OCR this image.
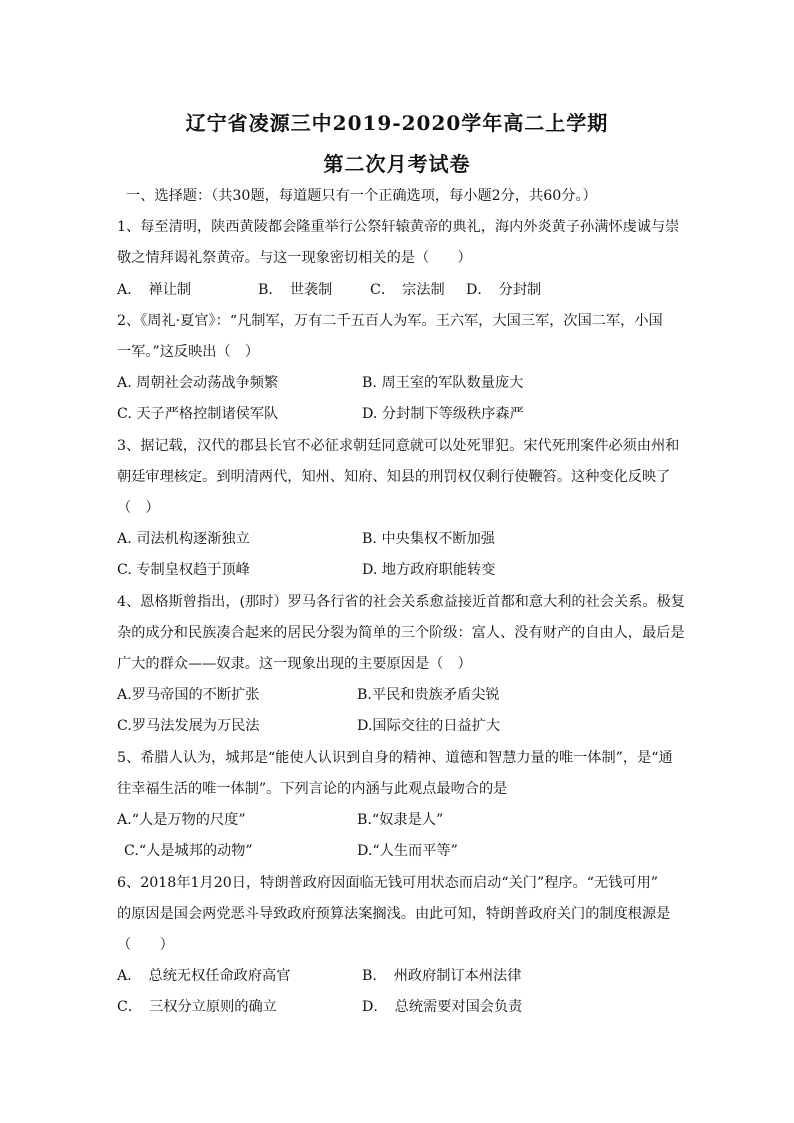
辽宁省凌源三中2019-2020学年高二上学期
第二次月考试卷
一、选择题：（共30题，每道题只有一个正确选项，每小题2分，共60分。）
1、每至清明，陕西黄陵都会隆重举行公祭轩辕黄帝的典礼，海内外炎黄子孙满怀虔诚与崇
敬之情拜谒礼祭黄帝。与这一现象密切相关的是（　　）
A．　禅让制	B．　世袭制	C．　宗法制 D．　分封制
2、《周礼·夏官》：“凡制军，万有二千五百人为军。王六军，大国三军，次国二军，小国
一军。”这反映出（　）
A. 周朝社会动荡战争频繁	B. 周王室的军队数量庞大
C. 天子严格控制诸侯军队	D. 分封制下等级秩序森严
3、据记载，汉代的郡县长官不必征求朝廷同意就可以处死罪犯。宋代死刑案件必须由州和
朝廷审理核定。到明清两代，知州、知府、知县的刑罚权仅剩行使鞭笞。这种变化反映了
（　）
A. 司法机构逐渐独立	B. 中央集权不断加强
C. 专制皇权趋于顶峰	D. 地方政府职能转变
4、恩格斯曾指出，(那时）罗马各行省的社会关系愈益接近首都和意大利的社会关系。极复
杂的成分和民族凑合起来的居民分裂为简单的三个阶级：富人、没有财产的自由人，最后是
广大的群众——奴隶。这一现象出现的主要原因是（　）
A.罗马帝国的不断扩张	B.平民和贵族矛盾尖锐
C.罗马法发展为万民法	D.国际交往的日益扩大
5、希腊人认为，城邦是“能使人认识到自身的精神、道德和智慧力量的唯一体制”，是“通
往幸福生活的唯一体制”。下列言论的内涵与此观点最吻合的是
A.“人是万物的尺度”	B.“奴隶是人”
C.“人是城邦的动物”	D.“人生而平等”
6、2018年1月20日，特朗普政府因面临无钱可用状态而启动“关门”程序。“无钱可用”
的原因是国会两党恶斗导致政府预算法案搁浅。由此可知，特朗普政府关门的制度根源是
（　　）
A．　总统无权任命政府高官	B．　州政府制订本州法律
C．　三权分立原则的确立	D．　总统需要对国会负责
